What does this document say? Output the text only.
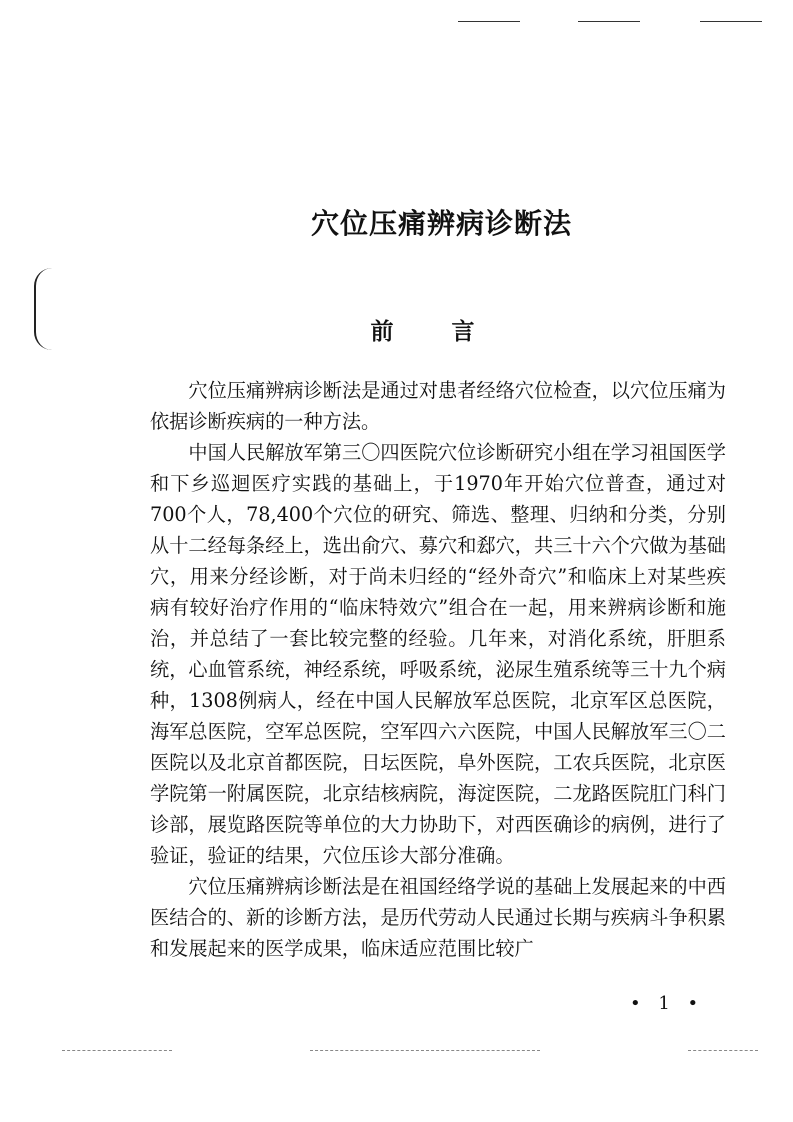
穴位压痛辨病诊断法
前言

穴位压痛辨病诊断法是通过对患者经络穴位检查，以穴位压痛为依据诊断疾病的一种方法。

中国人民解放军第三〇四医院穴位诊断研究小组在学习祖国医学和下乡巡迴医疗实践的基础上，于1970年开始穴位普查，通过对700个人，78,400个穴位的研究、筛选、整理、归纳和分类，分别从十二经每条经上，选出俞穴、募穴和郄穴，共三十六个穴做为基础穴，用来分经诊断，对于尚未归经的“经外奇穴”和临床上对某些疾病有较好治疗作用的“临床特效穴”组合在一起，用来辨病诊断和施治，并总结了一套比较完整的经验。几年来，对消化系统，肝胆系统，心血管系统，神经系统，呼吸系统，泌尿生殖系统等三十九个病种，1308例病人，经在中国人民解放军总医院，北京军区总医院，海军总医院，空军总医院，空军四六六医院，中国人民解放军三〇二医院以及北京首都医院，日坛医院，阜外医院，工农兵医院，北京医学院第一附属医院，北京结核病院，海淀医院，二龙路医院肛门科门诊部，展览路医院等单位的大力协助下，对西医确诊的病例，进行了验证，验证的结果，穴位压诊大部分准确。

穴位压痛辨病诊断法是在祖国经络学说的基础上发展起来的中西医结合的、新的诊断方法，是历代劳动人民通过长期与疾病斗争积累和发展起来的医学成果，临床适应范围比较广

• 1 •
